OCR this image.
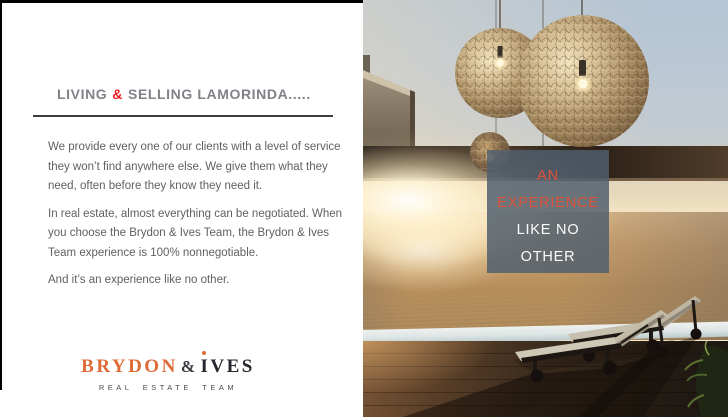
LIVING & SELLING LAMORINDA.....

We provide every one of our clients with a level of service they won’t find anywhere else. We give them what they need, often before they know they need it.

In real estate, almost everything can be negotiated. When you choose the Brydon & Ives Team, the Brydon & Ives Team experience is 100% nonnegotiable.

And it’s an experience like no other.

BRYDON & IVES
REAL ESTATE TEAM
AN
EXPERIENCE
LIKE NO
OTHER
